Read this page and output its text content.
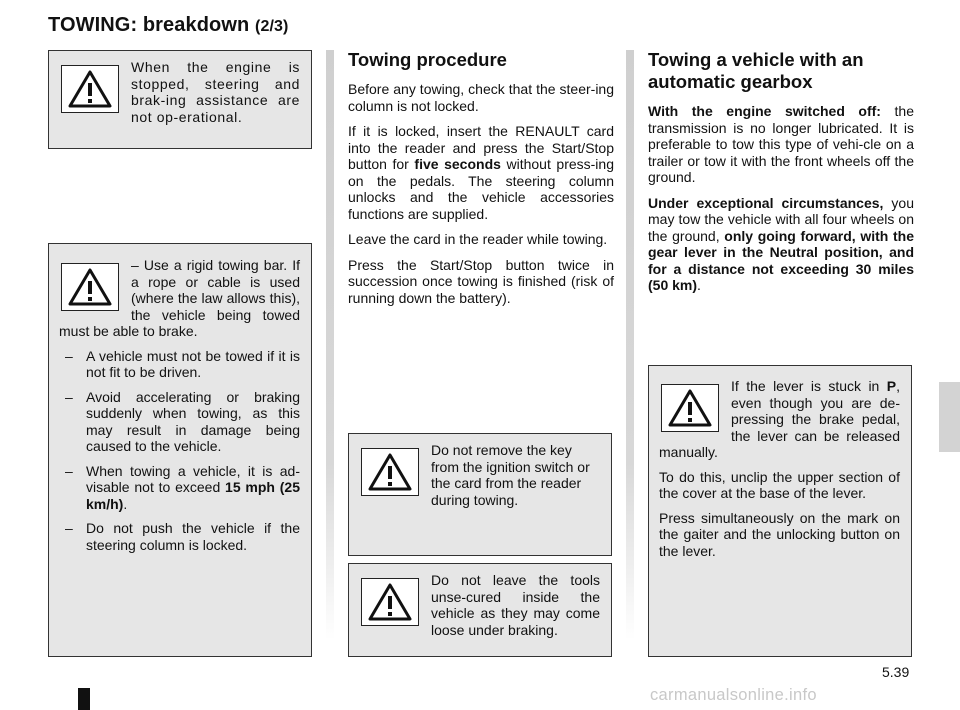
TOWING: breakdown (2/3)

When the engine is stopped, steering and brak-ing assistance are not op-erational.

– Use a rigid towing bar. If a rope or cable is used (where the law allows this), the vehicle being towed must be able to brake.

– A vehicle must not be towed if it is not fit to be driven.
– Avoid accelerating or braking suddenly when towing, as this may result in damage being caused to the vehicle.
– When towing a vehicle, it is ad-visable not to exceed 15 mph (25 km/h).
– Do not push the vehicle if the steering column is locked.
Towing procedure

Before any towing, check that the steer-ing column is not locked.

If it is locked, insert the RENAULT card into the reader and press the Start/Stop button for five seconds without press-ing on the pedals. The steering column unlocks and the vehicle accessories functions are supplied.

Leave the card in the reader while towing.

Press the Start/Stop button twice in succession once towing is finished (risk of running down the battery).

Do not remove the key from the ignition switch or the card from the reader during towing.

Do not leave the tools unse-cured inside the vehicle as they may come loose under braking.

Towing a vehicle with an automatic gearbox

With the engine switched off: the transmission is no longer lubricated. It is preferable to tow this type of vehi-cle on a trailer or tow it with the front wheels off the ground.

Under exceptional circumstances, you may tow the vehicle with all four wheels on the ground, only going forward, with the gear lever in the Neutral position, and for a distance not exceeding 30 miles (50 km).

If the lever is stuck in P, even though you are de-pressing the brake pedal, the lever can be released manually.

To do this, unclip the upper section of the cover at the base of the lever.

Press simultaneously on the mark on the gaiter and the unlocking button on the lever.

5.39
carmanualsonline.info
